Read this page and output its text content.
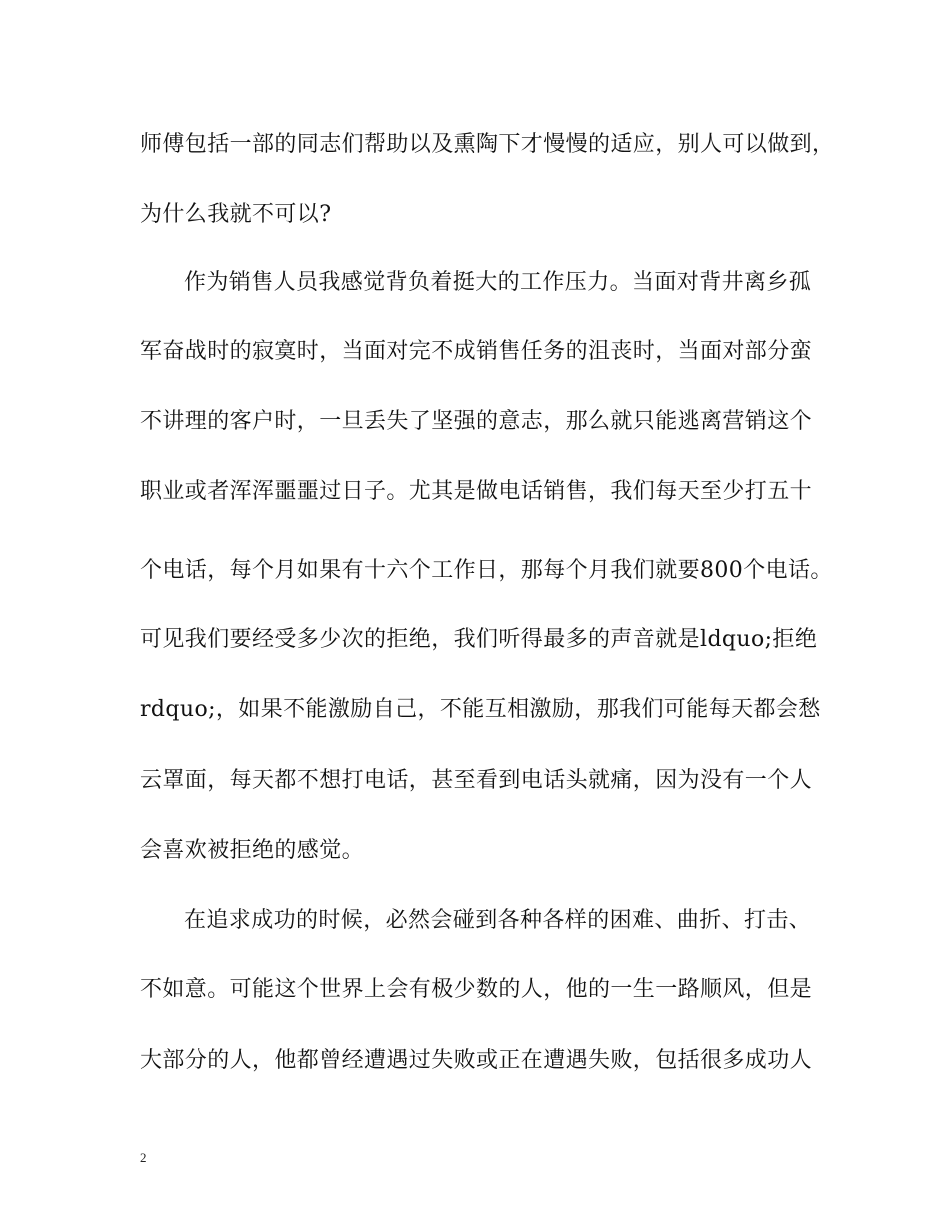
师傅包括一部的同志们帮助以及熏陶下才慢慢的适应，别人可以做到，
为什么我就不可以?
作为销售人员我感觉背负着挺大的工作压力。当面对背井离乡孤
军奋战时的寂寞时，当面对完不成销售任务的沮丧时，当面对部分蛮
不讲理的客户时，一旦丢失了坚强的意志，那么就只能逃离营销这个
职业或者浑浑噩噩过日子。尤其是做电话销售，我们每天至少打五十
个电话，每个月如果有十六个工作日，那每个月我们就要800个电话。
可见我们要经受多少次的拒绝，我们听得最多的声音就是ldquo;拒绝
rdquo;，如果不能激励自己，不能互相激励，那我们可能每天都会愁
云罩面，每天都不想打电话，甚至看到电话头就痛，因为没有一个人
会喜欢被拒绝的感觉。
在追求成功的时候，必然会碰到各种各样的困难、曲折、打击、
不如意。可能这个世界上会有极少数的人，他的一生一路顺风，但是
大部分的人，他都曾经遭遇过失败或正在遭遇失败，包括很多成功人
2
